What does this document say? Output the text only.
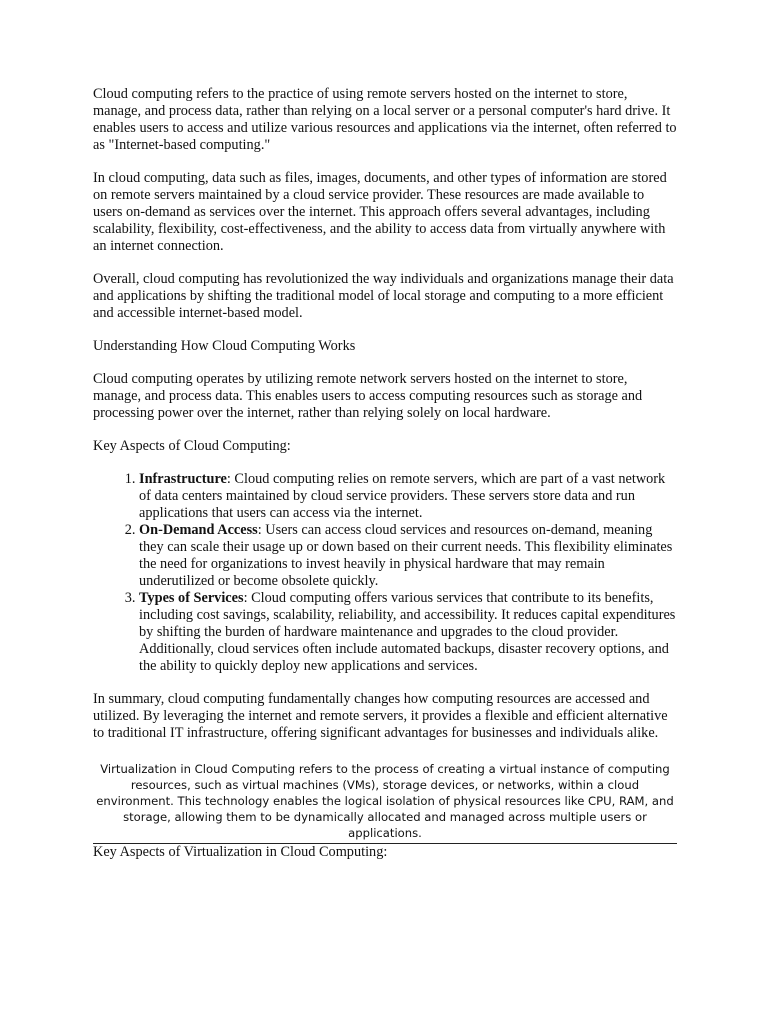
Cloud computing refers to the practice of using remote servers hosted on the internet to store, manage, and process data, rather than relying on a local server or a personal computer's hard drive. It enables users to access and utilize various resources and applications via the internet, often referred to as "Internet-based computing."

In cloud computing, data such as files, images, documents, and other types of information are stored on remote servers maintained by a cloud service provider. These resources are made available to users on-demand as services over the internet. This approach offers several advantages, including scalability, flexibility, cost-effectiveness, and the ability to access data from virtually anywhere with an internet connection.

Overall, cloud computing has revolutionized the way individuals and organizations manage their data and applications by shifting the traditional model of local storage and computing to a more efficient and accessible internet-based model.

Understanding How Cloud Computing Works

Cloud computing operates by utilizing remote network servers hosted on the internet to store, manage, and process data. This enables users to access computing resources such as storage and processing power over the internet, rather than relying solely on local hardware.

Key Aspects of Cloud Computing:

1. Infrastructure: Cloud computing relies on remote servers, which are part of a vast network of data centers maintained by cloud service providers. These servers store data and run applications that users can access via the internet.
2. On-Demand Access: Users can access cloud services and resources on-demand, meaning they can scale their usage up or down based on their current needs. This flexibility eliminates the need for organizations to invest heavily in physical hardware that may remain underutilized or become obsolete quickly.
3. Types of Services: Cloud computing offers various services that contribute to its benefits, including cost savings, scalability, reliability, and accessibility. It reduces capital expenditures by shifting the burden of hardware maintenance and upgrades to the cloud provider. Additionally, cloud services often include automated backups, disaster recovery options, and the ability to quickly deploy new applications and services.

In summary, cloud computing fundamentally changes how computing resources are accessed and utilized. By leveraging the internet and remote servers, it provides a flexible and efficient alternative to traditional IT infrastructure, offering significant advantages for businesses and individuals alike.

Virtualization in Cloud Computing refers to the process of creating a virtual instance of computing resources, such as virtual machines (VMs), storage devices, or networks, within a cloud environment. This technology enables the logical isolation of physical resources like CPU, RAM, and storage, allowing them to be dynamically allocated and managed across multiple users or applications.

Key Aspects of Virtualization in Cloud Computing:
